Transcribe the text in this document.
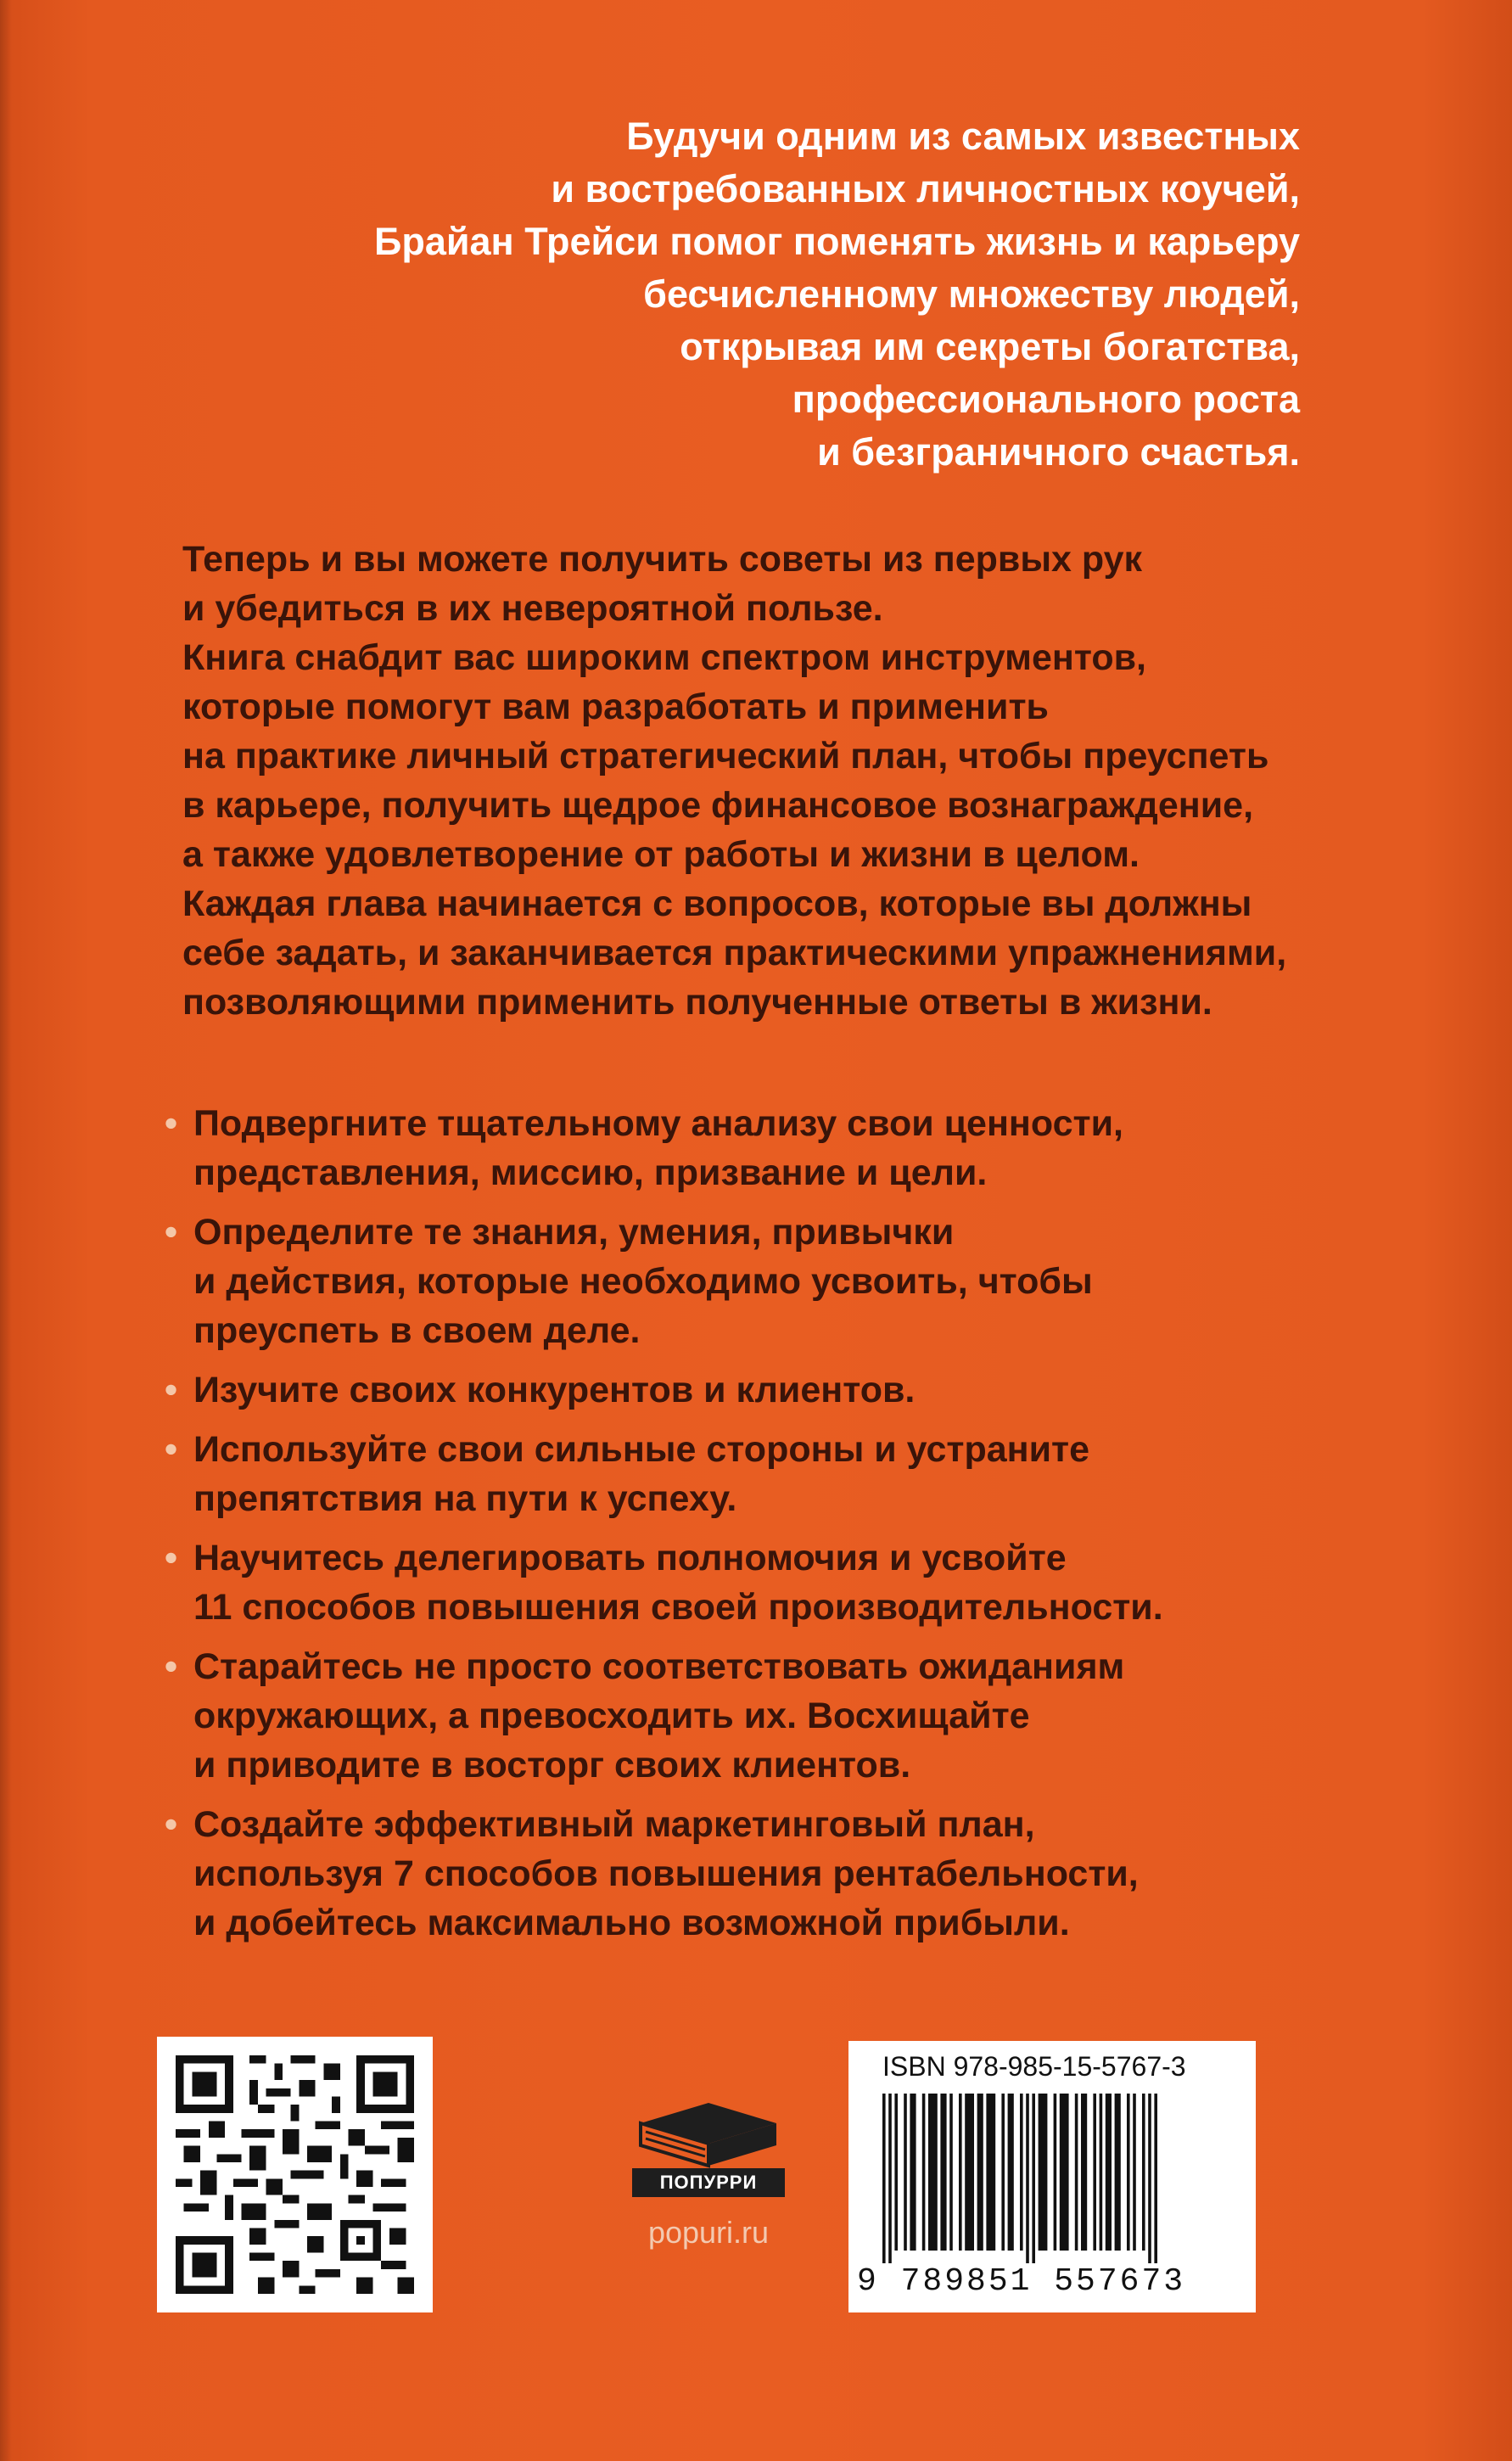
Будучи одним из самых известных
и востребованных личностных коучей,
Брайан Трейси помог поменять жизнь и карьеру
бесчисленному множеству людей,
открывая им секреты богатства,
профессионального роста
и безграничного счастья.
Теперь и вы можете получить советы из первых рук
и убедиться в их невероятной пользе.
Книга снабдит вас широким спектром инструментов,
которые помогут вам разработать и применить
на практике личный стратегический план, чтобы преуспеть
в карьере, получить щедрое финансовое вознаграждение,
а также удовлетворение от работы и жизни в целом.
Каждая глава начинается с вопросов, которые вы должны
себе задать, и заканчивается практическими упражнениями,
позволяющими применить полученные ответы в жизни.
• Подвергните тщательному анализу свои ценности,
представления, миссию, призвание и цели.
• Определите те знания, умения, привычки
и действия, которые необходимо усвоить, чтобы
преуспеть в своем деле.
• Изучите своих конкурентов и клиентов.
• Используйте свои сильные стороны и устраните
препятствия на пути к успеху.
• Научитесь делегировать полномочия и усвойте
11 способов повышения своей производительности.
• Старайтесь не просто соответствовать ожиданиям
окружающих, а превосходить их. Восхищайте
и приводите в восторг своих клиентов.
• Создайте эффективный маркетинговый план,
используя 7 способов повышения рентабельности,
и добейтесь максимально возможной прибыли.
ПОПУРРИ
popuri.ru
ISBN 978-985-15-5767-3
9 789851 557673
